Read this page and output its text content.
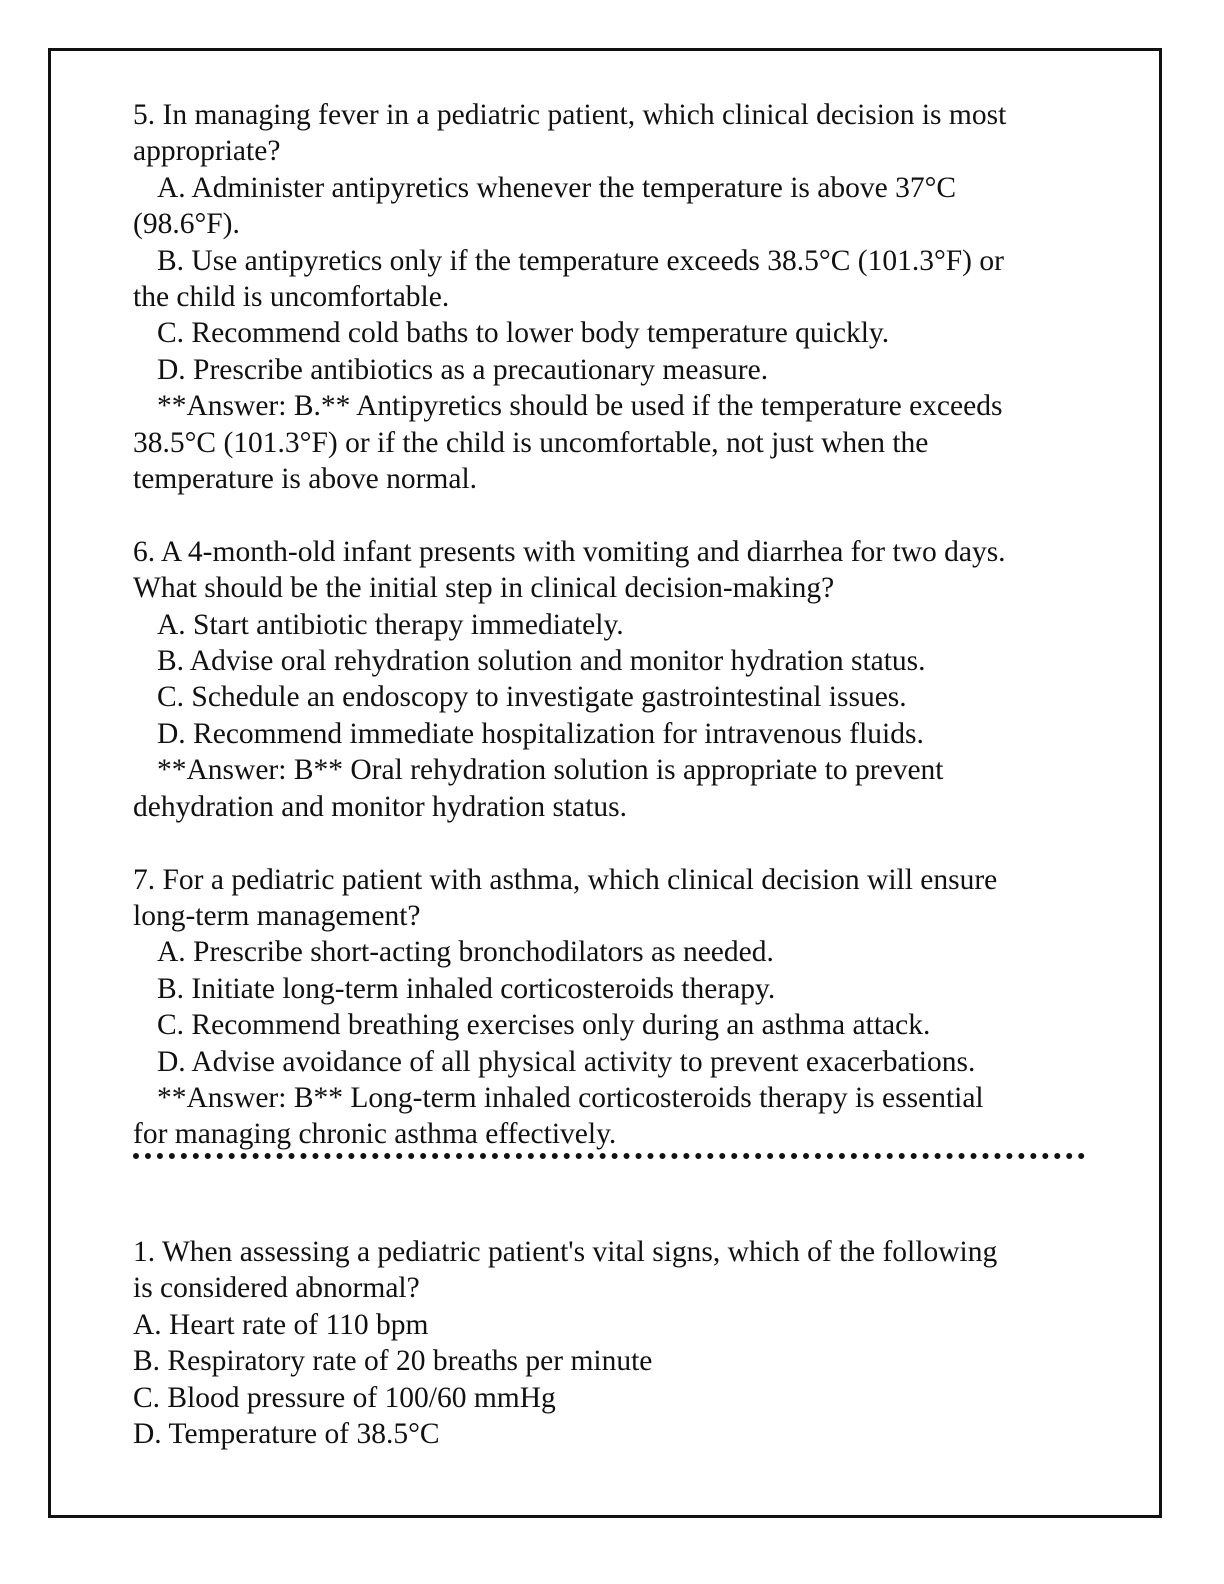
5. In managing fever in a pediatric patient, which clinical decision is most
appropriate?
A. Administer antipyretics whenever the temperature is above 37°C
(98.6°F).
B. Use antipyretics only if the temperature exceeds 38.5°C (101.3°F) or
the child is uncomfortable.
C. Recommend cold baths to lower body temperature quickly.
D. Prescribe antibiotics as a precautionary measure.
**Answer: B.** Antipyretics should be used if the temperature exceeds
38.5°C (101.3°F) or if the child is uncomfortable, not just when the
temperature is above normal.
6. A 4-month-old infant presents with vomiting and diarrhea for two days.
What should be the initial step in clinical decision-making?
A. Start antibiotic therapy immediately.
B. Advise oral rehydration solution and monitor hydration status.
C. Schedule an endoscopy to investigate gastrointestinal issues.
D. Recommend immediate hospitalization for intravenous fluids.
**Answer: B** Oral rehydration solution is appropriate to prevent
dehydration and monitor hydration status.
7. For a pediatric patient with asthma, which clinical decision will ensure
long-term management?
A. Prescribe short-acting bronchodilators as needed.
B. Initiate long-term inhaled corticosteroids therapy.
C. Recommend breathing exercises only during an asthma attack.
D. Advise avoidance of all physical activity to prevent exacerbations.
**Answer: B** Long-term inhaled corticosteroids therapy is essential
for managing chronic asthma effectively.
1. When assessing a pediatric patient's vital signs, which of the following
is considered abnormal?
A. Heart rate of 110 bpm
B. Respiratory rate of 20 breaths per minute
C. Blood pressure of 100/60 mmHg
D. Temperature of 38.5°C
